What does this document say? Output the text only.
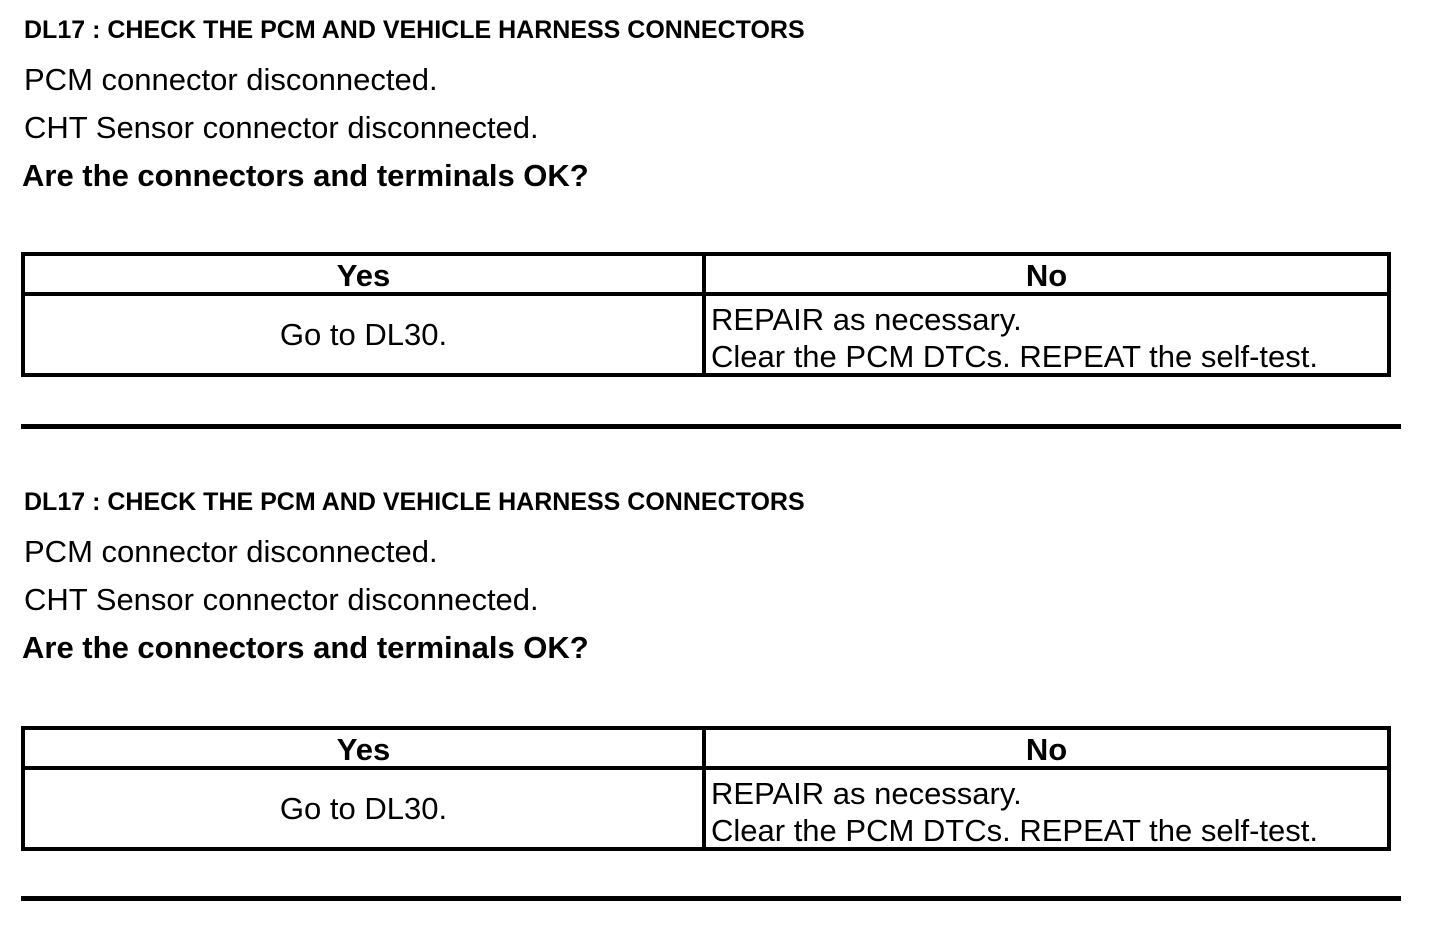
DL17 : CHECK THE PCM AND VEHICLE HARNESS CONNECTORS
PCM connector disconnected.
CHT Sensor connector disconnected.
Are the connectors and terminals OK?
Yes	No
Go to DL30.	REPAIR as necessary.
Clear the PCM DTCs. REPEAT the self-test.
DL17 : CHECK THE PCM AND VEHICLE HARNESS CONNECTORS
PCM connector disconnected.
CHT Sensor connector disconnected.
Are the connectors and terminals OK?
Yes	No
Go to DL30.	REPAIR as necessary.
Clear the PCM DTCs. REPEAT the self-test.
